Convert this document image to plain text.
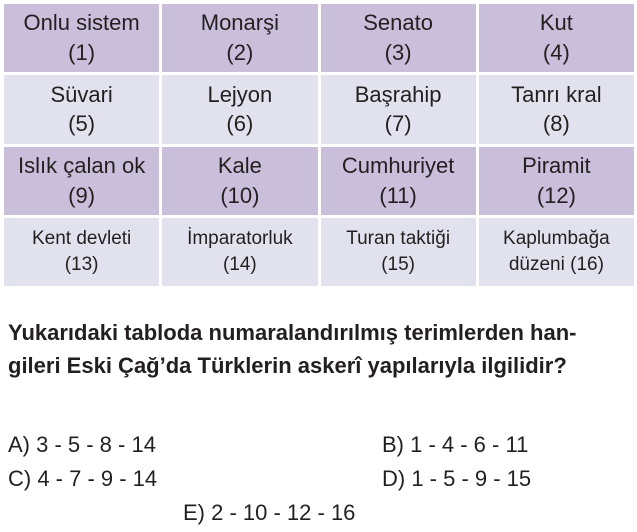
Onlu sistem
(1)
Monarşi
(2)
Senato
(3)
Kut
(4)
Süvari
(5)
Lejyon
(6)
Başrahip
(7)
Tanrı kral
(8)
Islık çalan ok
(9)
Kale
(10)
Cumhuriyet
(11)
Piramit
(12)
Kent devleti
(13)
İmparatorluk
(14)
Turan taktiği
(15)
Kaplumbağa
düzeni (16)
Yukarıdaki tabloda numaralandırılmış terimlerden han-
gileri Eski Çağ’da Türklerin askerî yapılarıyla ilgilidir?
A) 3 - 5 - 8 - 14	B) 1 - 4 - 6 - 11
C) 4 - 7 - 9 - 14	D) 1 - 5 - 9 - 15
E) 2 - 10 - 12 - 16
